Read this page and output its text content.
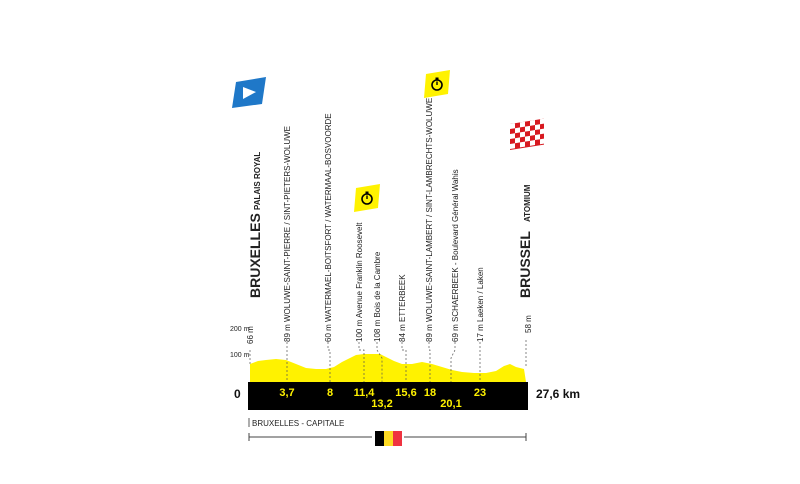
200 m
100 m
0	27,6 km
BRUXELLES
PALAIS ROYAL
66 m
BRUSSEL
ATOMIUM
58 m
89 m WOLUWE-SAINT-PIERRE / SINT-PIETERS-WOLUWE
3,7
60 m WATERMAEL-BOITSFORT / WATERMAAL-BOSVOORDE
8
100 m Avenue Franklin Roosevelt
11,4
108 m Bois de la Cambre
13,2
84 m ETTERBEEK
15,6
89 m WOLUWE-SAINT-LAMBERT / SINT-LAMBRECHTS-WOLUWE
18
69 m SCHAERBEEK - Boulevard Général Wahis
20,1
17 m Laeken / Laken
23
BRUXELLES - CAPITALE
